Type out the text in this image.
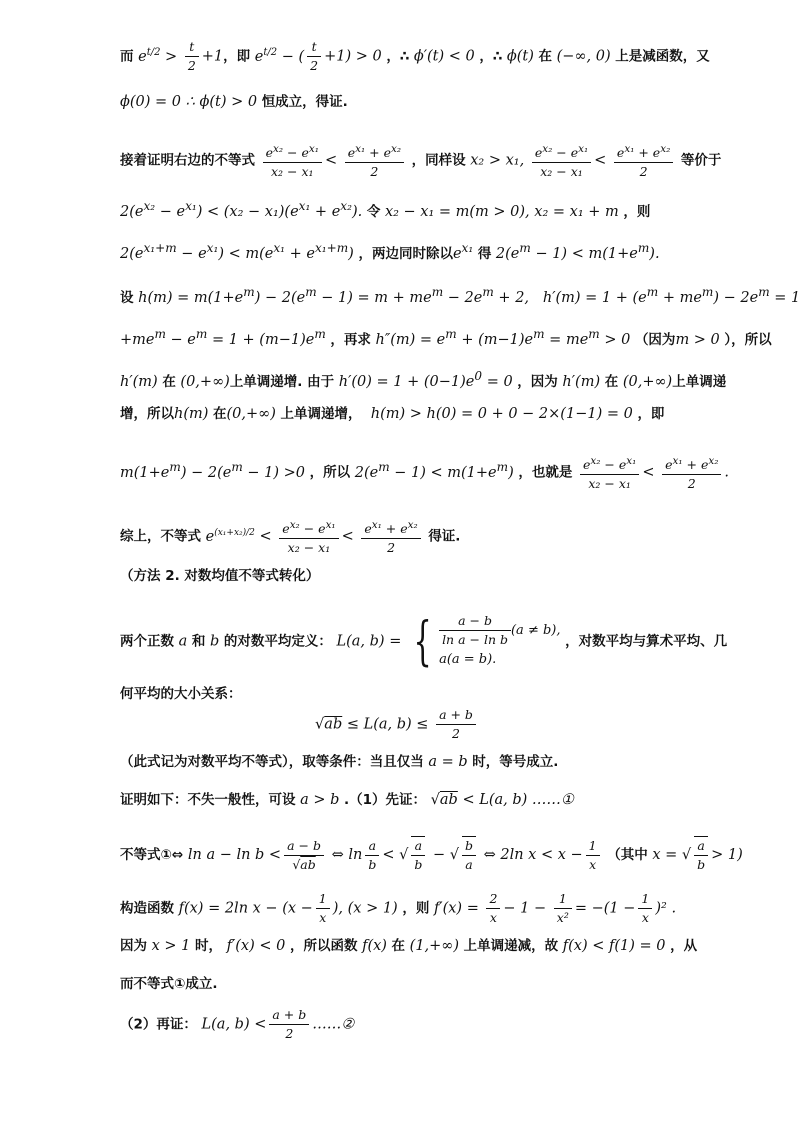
而 $e^{t/2} > \frac{t}{2} +1$，即 $e^{t/2}$ − ( $\frac{t}{2} +1) > 0$ ，∴ ϕ′(t) < 0 ，∴ ϕ(t) 在 (−∞, 0) 上是减函数，又
ϕ(0) = 0 ∴ ϕ(t) > 0 恒成立，得证.
接着证明右边的不等式 $\frac{e^{x_2} - e^{x_1}}{\text{x₂ − x₁}} < \frac{e^{x_1} + e^{x_2}}{2}$ ，同样设 x₂ > x₁, $\frac{e^{x_2} - e^{x_1}}{\text{x₂ − x₁}} < \frac{e^{x_1} + e^{x_2}}{2}$ 等价于
$2(e^{x_2} - e^{x_1}) < (x_2 - x_1)(e^{x_1} + e^{x_2})$. 令 x₂ − x₁ = m(m > 0), x₂ = x₁ + m ，则
$2(e^{x_1+m} - e^{x_1}) < m(e^{x_1} + e^{x_1+m})$ ，两边同时除以$e^{x_1}$ 得 $2(e^m - 1) < m(1+e^m)$.
设 $h(m) = m(1+e^m) - 2(e^m - 1) = m + me^m - 2e^m + 2$,   $h'(m) = 1 + (e^m + me^m) - 2e^m = 1$
$+me^m - e^m = 1 + (m-1)e^m$ ，再求 $h''(m) = e^m + (m-1)e^m = me^m > 0$ （因为m > 0 ），所以
h′(m) 在 (0,+∞)上单调递增. 由于 $h'(0) = 1 + (0-1)e^0 = 0$ ，因为 h′(m) 在 (0,+∞)上单调递
增，所以h(m) 在(0,+∞) 上单调递增，  h(m) > h(0) = 0 + 0 − 2×(1−1) = 0 ，即
$m(1+e^m) - 2(e^m - 1) >0$ ，所以 $2(e^m - 1) < m(1+e^m)$ ，也就是 $\frac{e^{x_2} - e^{x_1}}{\text{x₂ − x₁}} < \frac{e^{x_1} + e^{x_2}}{2}$ .
综上，不等式 $e^{(x_1+x_2)/2} < \frac{e^{x_2} - e^{x_1}}{\text{x₂ − x₁}} < \frac{e^{x_1} + e^{x_2}}{2}$ 得证.
（方法 2. 对数均值不等式转化）
两个正数 a 和 b 的对数平均定义： L(a, b) = { $\frac{a - b}{\text{ln a − ln b}} (a \ne b)$,
a(a = b).
，对数平均与算术平均、几
何平均的大小关系：
√ab ≤ L(a, $b) \le \frac{a + b}{2}$
（此式记为对数平均不等式），取等条件：当且仅当 a = b 时，等号成立.
证明如下：不失一般性，可设 a > b .（1）先证： √ab < L(a, b) ……①
不等式①⇔ $\ln a - \ln b < \frac{a - b}{√ab}$ ⇔ $\ln \frac{a}{b}$ < √ $\frac{a}{b}$ − √ $\frac{b}{a}$ ⇔ 2ln $x < x - \frac{1}{x}$ （其中 x = √ $\frac{a}{b} > 1$)
构造函数 f(x) = 2ln $x - (x - \frac{1}{x}$ ), (x > 1) ，则 $f'(x) = \frac{2}{x} - 1 - \frac{1}{\text{x²}} = -(1 - \frac{1}{x} )^2$ .
因为 x > 1 时， f′(x) < 0 ，所以函数 f(x) 在 (1,+∞) 上单调递减，故 f(x) < f(1) = 0 ，从
而不等式①成立.
（2）再证： L(a, $b) < \frac{a + b}{2}$ ……②
